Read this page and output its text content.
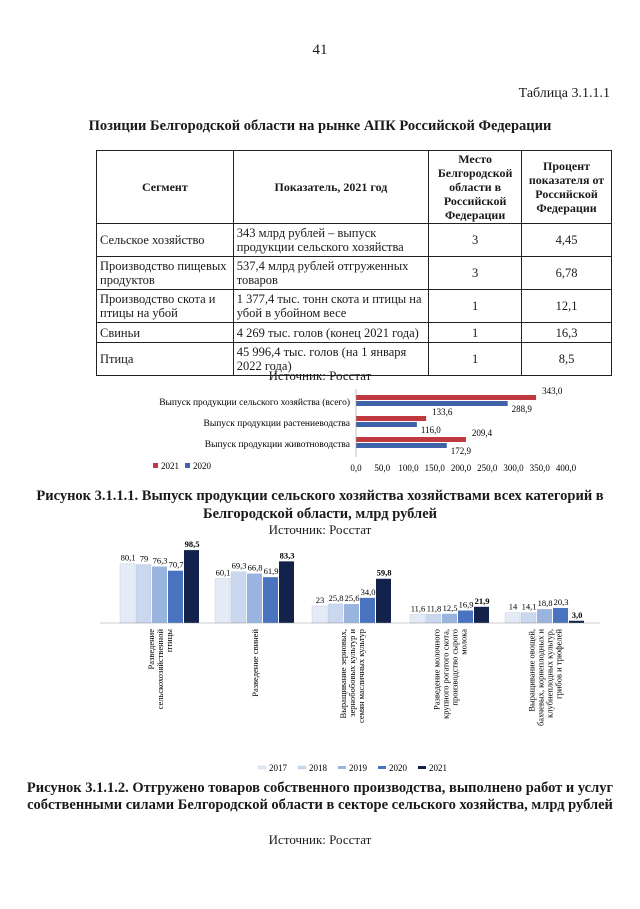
41
Таблица 3.1.1.1
Позиции Белгородской области на рынке АПК Российской Федерации
Сегмент	Показатель, 2021 год	Место Белгородской области в Российской Федерации	Процент показателя от Российской Федерации
Сельское хозяйство	343 млрд рублей – выпуск продукции сельского хозяйства	3	4,45
Производство пищевых продуктов	537,4 млрд рублей отгруженных товаров	3	6,78
Производство скота и птицы на убой	1 377,4 тыс. тонн скота и птицы на убой в убойном весе	1	12,1
Свиньи	4 269 тыс. голов (конец 2021 года)	1	16,3
Птица	45 996,4 тыс. голов (на 1 января 2022 года)	1	8,5
Источник: Росстат
Выпуск продукции сельского хозяйства (всего)
343,0
288,9
Выпуск продукции растениеводства
133,6
116,0
Выпуск продукции животноводства
209,4
172,9
0,0 50,0 100,0 150,0 200,0 250,0 300,0 350,0 400,0
2021 2020
Рисунок 3.1.1.1. Выпуск продукции сельского хозяйства хозяйствами всех категорий в Белгородской области, млрд рублей
Источник: Росстат
80,1 79 76,3 70,7
98,5
Разведениесельскохозяйственнойптицы
60,1
69,3 66,8 61,9
83,3
Разведение свиней
23 25,8 25,6
34,0
59,8
Выращивание зерновых,зернобобовых культур исемян масличных культур
11,6 11,8 12,5 16,9 21,9
Разведение молочногокрупного рогатого скота,производство сырогомолока
14 14,1 18,8 20,3
3,0
Выращивание овощей,бахчевых, корнеплодных иклубнеплодных культур,грибов и трюфелей
2017 2018 2019 2020 2021
Рисунок 3.1.1.2. Отгружено товаров собственного производства, выполнено работ и услуг собственными силами Белгородской области в секторе сельского хозяйства, млрд рублей
Источник: Росстат
